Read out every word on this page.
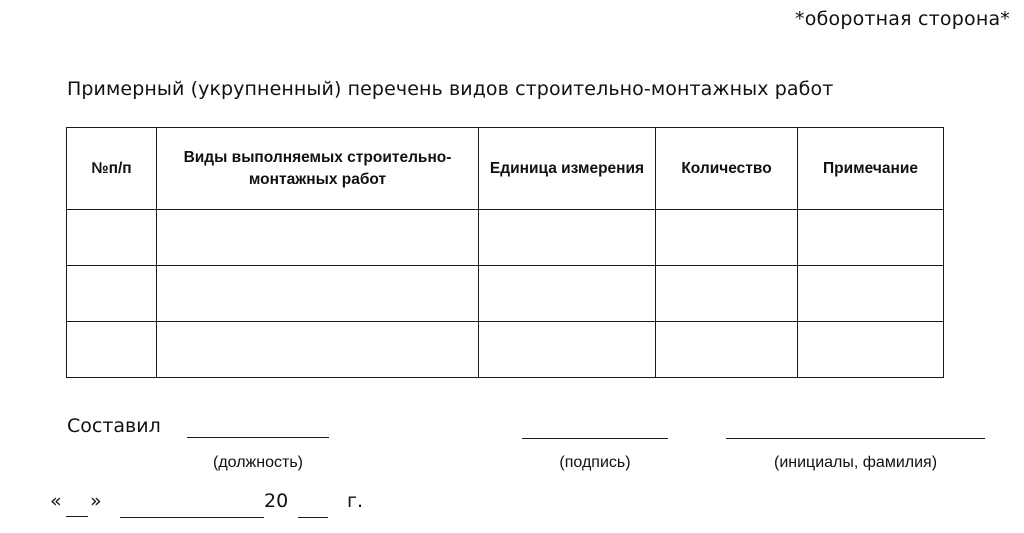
*оборотная сторона*
Примерный (укрупненный) перечень видов строительно-монтажных работ
№п/п	Виды выполняемых строительно-монтажных работ	Единица измерения	Количество	Примечание

Составил
(должность)	(подпись)	(инициалы, фамилия)
« »	20	г.
